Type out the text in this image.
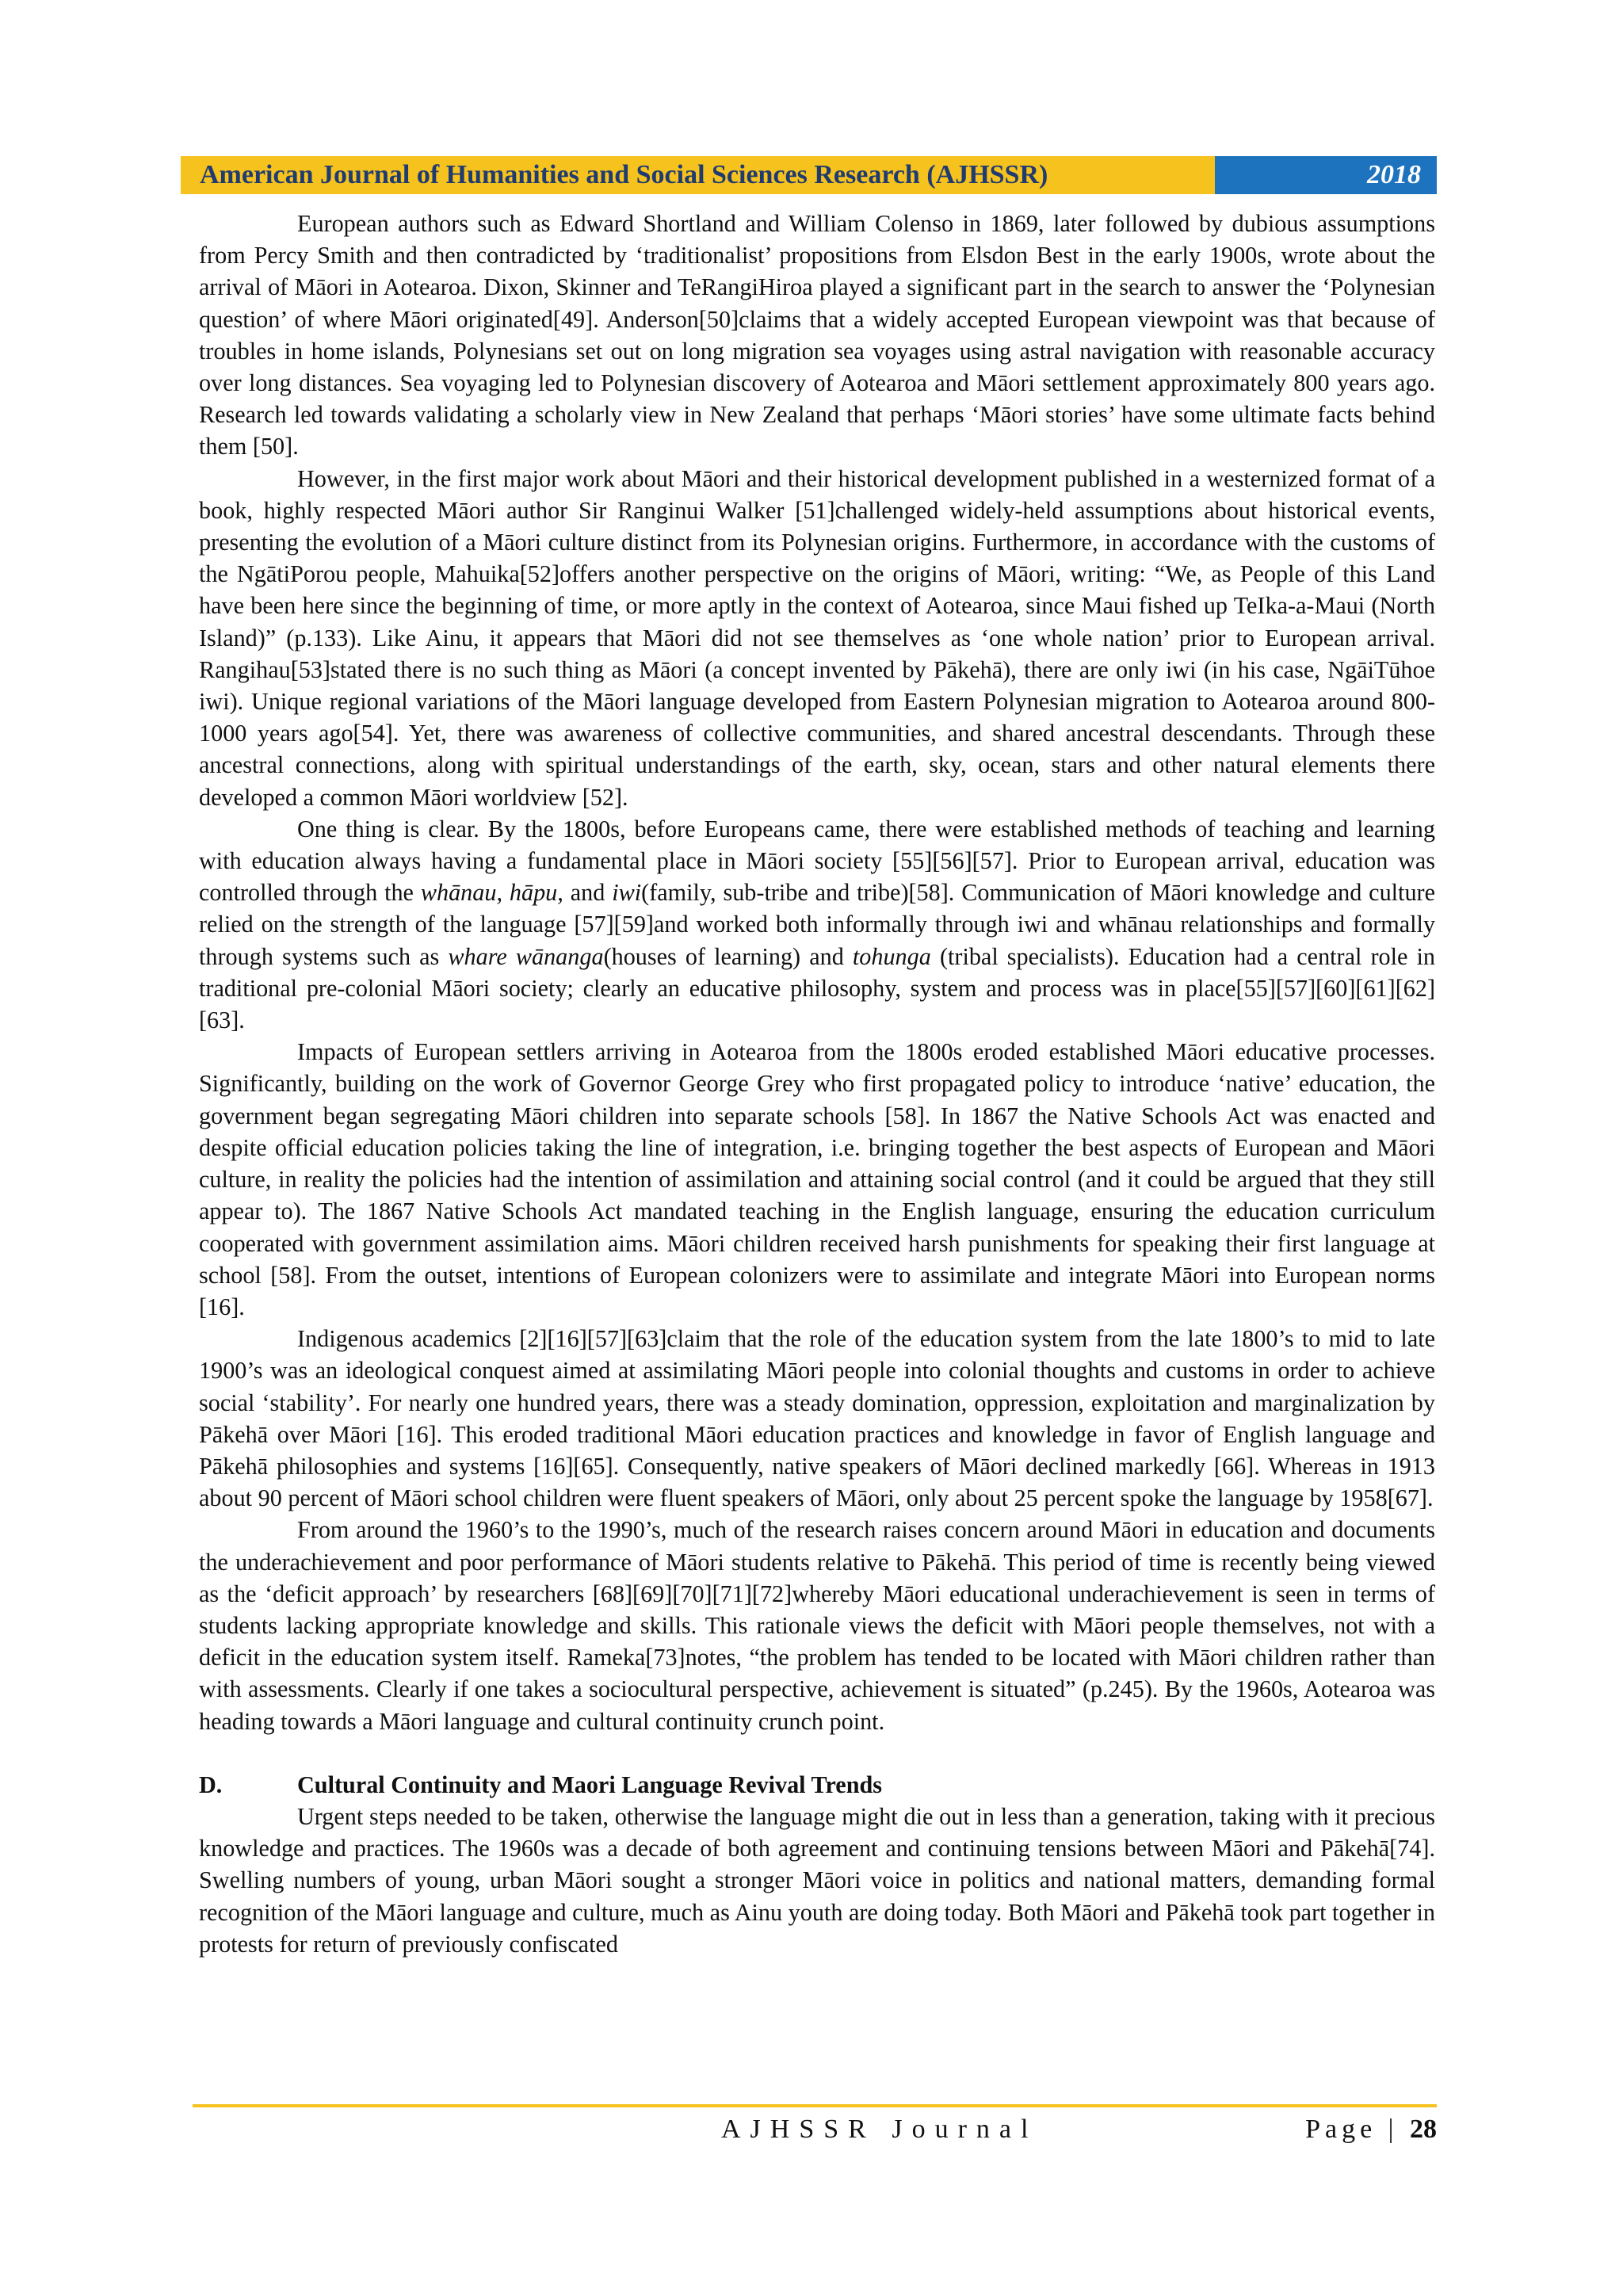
American Journal of Humanities and Social Sciences Research (AJHSSR)	2018

European authors such as Edward Shortland and William Colenso in 1869, later followed by dubious assumptions from Percy Smith and then contradicted by ‘traditionalist’ propositions from Elsdon Best in the early 1900s, wrote about the arrival of Māori in Aotearoa. Dixon, Skinner and TeRangiHiroa played a significant part in the search to answer the ‘Polynesian question’ of where Māori originated[49]. Anderson[50]claims that a widely accepted European viewpoint was that because of troubles in home islands, Polynesians set out on long migration sea voyages using astral navigation with reasonable accuracy over long distances. Sea voyaging led to Polynesian discovery of Aotearoa and Māori settlement approximately 800 years ago. Research led towards validating a scholarly view in New Zealand that perhaps ‘Māori stories’ have some ultimate facts behind them [50].

However, in the first major work about Māori and their historical development published in a westernized format of a book, highly respected Māori author Sir Ranginui Walker [51]challenged widely-held assumptions about historical events, presenting the evolution of a Māori culture distinct from its Polynesian origins. Furthermore, in accordance with the customs of the NgātiPorou people, Mahuika[52]offers another perspective on the origins of Māori, writing: “We, as People of this Land have been here since the beginning of time, or more aptly in the context of Aotearoa, since Maui fished up TeIka-a-Maui (North Island)” (p.133). Like Ainu, it appears that Māori did not see themselves as ‘one whole nation’ prior to European arrival. Rangihau[53]stated there is no such thing as Māori (a concept invented by Pākehā), there are only iwi (in his case, NgāiTūhoe iwi). Unique regional variations of the Māori language developed from Eastern Polynesian migration to Aotearoa around 800-1000 years ago[54]. Yet, there was awareness of collective communities, and shared ancestral descendants. Through these ancestral connections, along with spiritual understandings of the earth, sky, ocean, stars and other natural elements there developed a common Māori worldview [52].

One thing is clear. By the 1800s, before Europeans came, there were established methods of teaching and learning with education always having a fundamental place in Māori society [55][56][57]. Prior to European arrival, education was controlled through the whānau, hāpu, and iwi(family, sub-tribe and tribe)[58]. Communication of Māori knowledge and culture relied on the strength of the language [57][59]and worked both informally through iwi and whānau relationships and formally through systems such as whare wānanga(houses of learning) and tohunga (tribal specialists). Education had a central role in traditional pre-colonial Māori society; clearly an educative philosophy, system and process was in place[55][57][60][61][62][63].

Impacts of European settlers arriving in Aotearoa from the 1800s eroded established Māori educative processes. Significantly, building on the work of Governor George Grey who first propagated policy to introduce ‘native’ education, the government began segregating Māori children into separate schools [58]. In 1867 the Native Schools Act was enacted and despite official education policies taking the line of integration, i.e. bringing together the best aspects of European and Māori culture, in reality the policies had the intention of assimilation and attaining social control (and it could be argued that they still appear to). The 1867 Native Schools Act mandated teaching in the English language, ensuring the education curriculum cooperated with government assimilation aims. Māori children received harsh punishments for speaking their first language at school [58]. From the outset, intentions of European colonizers were to assimilate and integrate Māori into European norms [16].

Indigenous academics [2][16][57][63]claim that the role of the education system from the late 1800’s to mid to late 1900’s was an ideological conquest aimed at assimilating Māori people into colonial thoughts and customs in order to achieve social ‘stability’. For nearly one hundred years, there was a steady domination, oppression, exploitation and marginalization by Pākehā over Māori [16]. This eroded traditional Māori education practices and knowledge in favor of English language and Pākehā philosophies and systems [16][65]. Consequently, native speakers of Māori declined markedly [66]. Whereas in 1913 about 90 percent of Māori school children were fluent speakers of Māori, only about 25 percent spoke the language by 1958[67].

From around the 1960’s to the 1990’s, much of the research raises concern around Māori in education and documents the underachievement and poor performance of Māori students relative to Pākehā. This period of time is recently being viewed as the ‘deficit approach’ by researchers [68][69][70][71][72]whereby Māori educational underachievement is seen in terms of students lacking appropriate knowledge and skills. This rationale views the deficit with Māori people themselves, not with a deficit in the education system itself. Rameka[73]notes, “the problem has tended to be located with Māori children rather than with assessments. Clearly if one takes a sociocultural perspective, achievement is situated” (p.245). By the 1960s, Aotearoa was heading towards a Māori language and cultural continuity crunch point.

D.	Cultural Continuity and Maori Language Revival Trends

Urgent steps needed to be taken, otherwise the language might die out in less than a generation, taking with it precious knowledge and practices. The 1960s was a decade of both agreement and continuing tensions between Māori and Pākehā[74]. Swelling numbers of young, urban Māori sought a stronger Māori voice in politics and national matters, demanding formal recognition of the Māori language and culture, much as Ainu youth are doing today. Both Māori and Pākehā took part together in protests for return of previously confiscated

AJHSSR Journal	Page | 28
